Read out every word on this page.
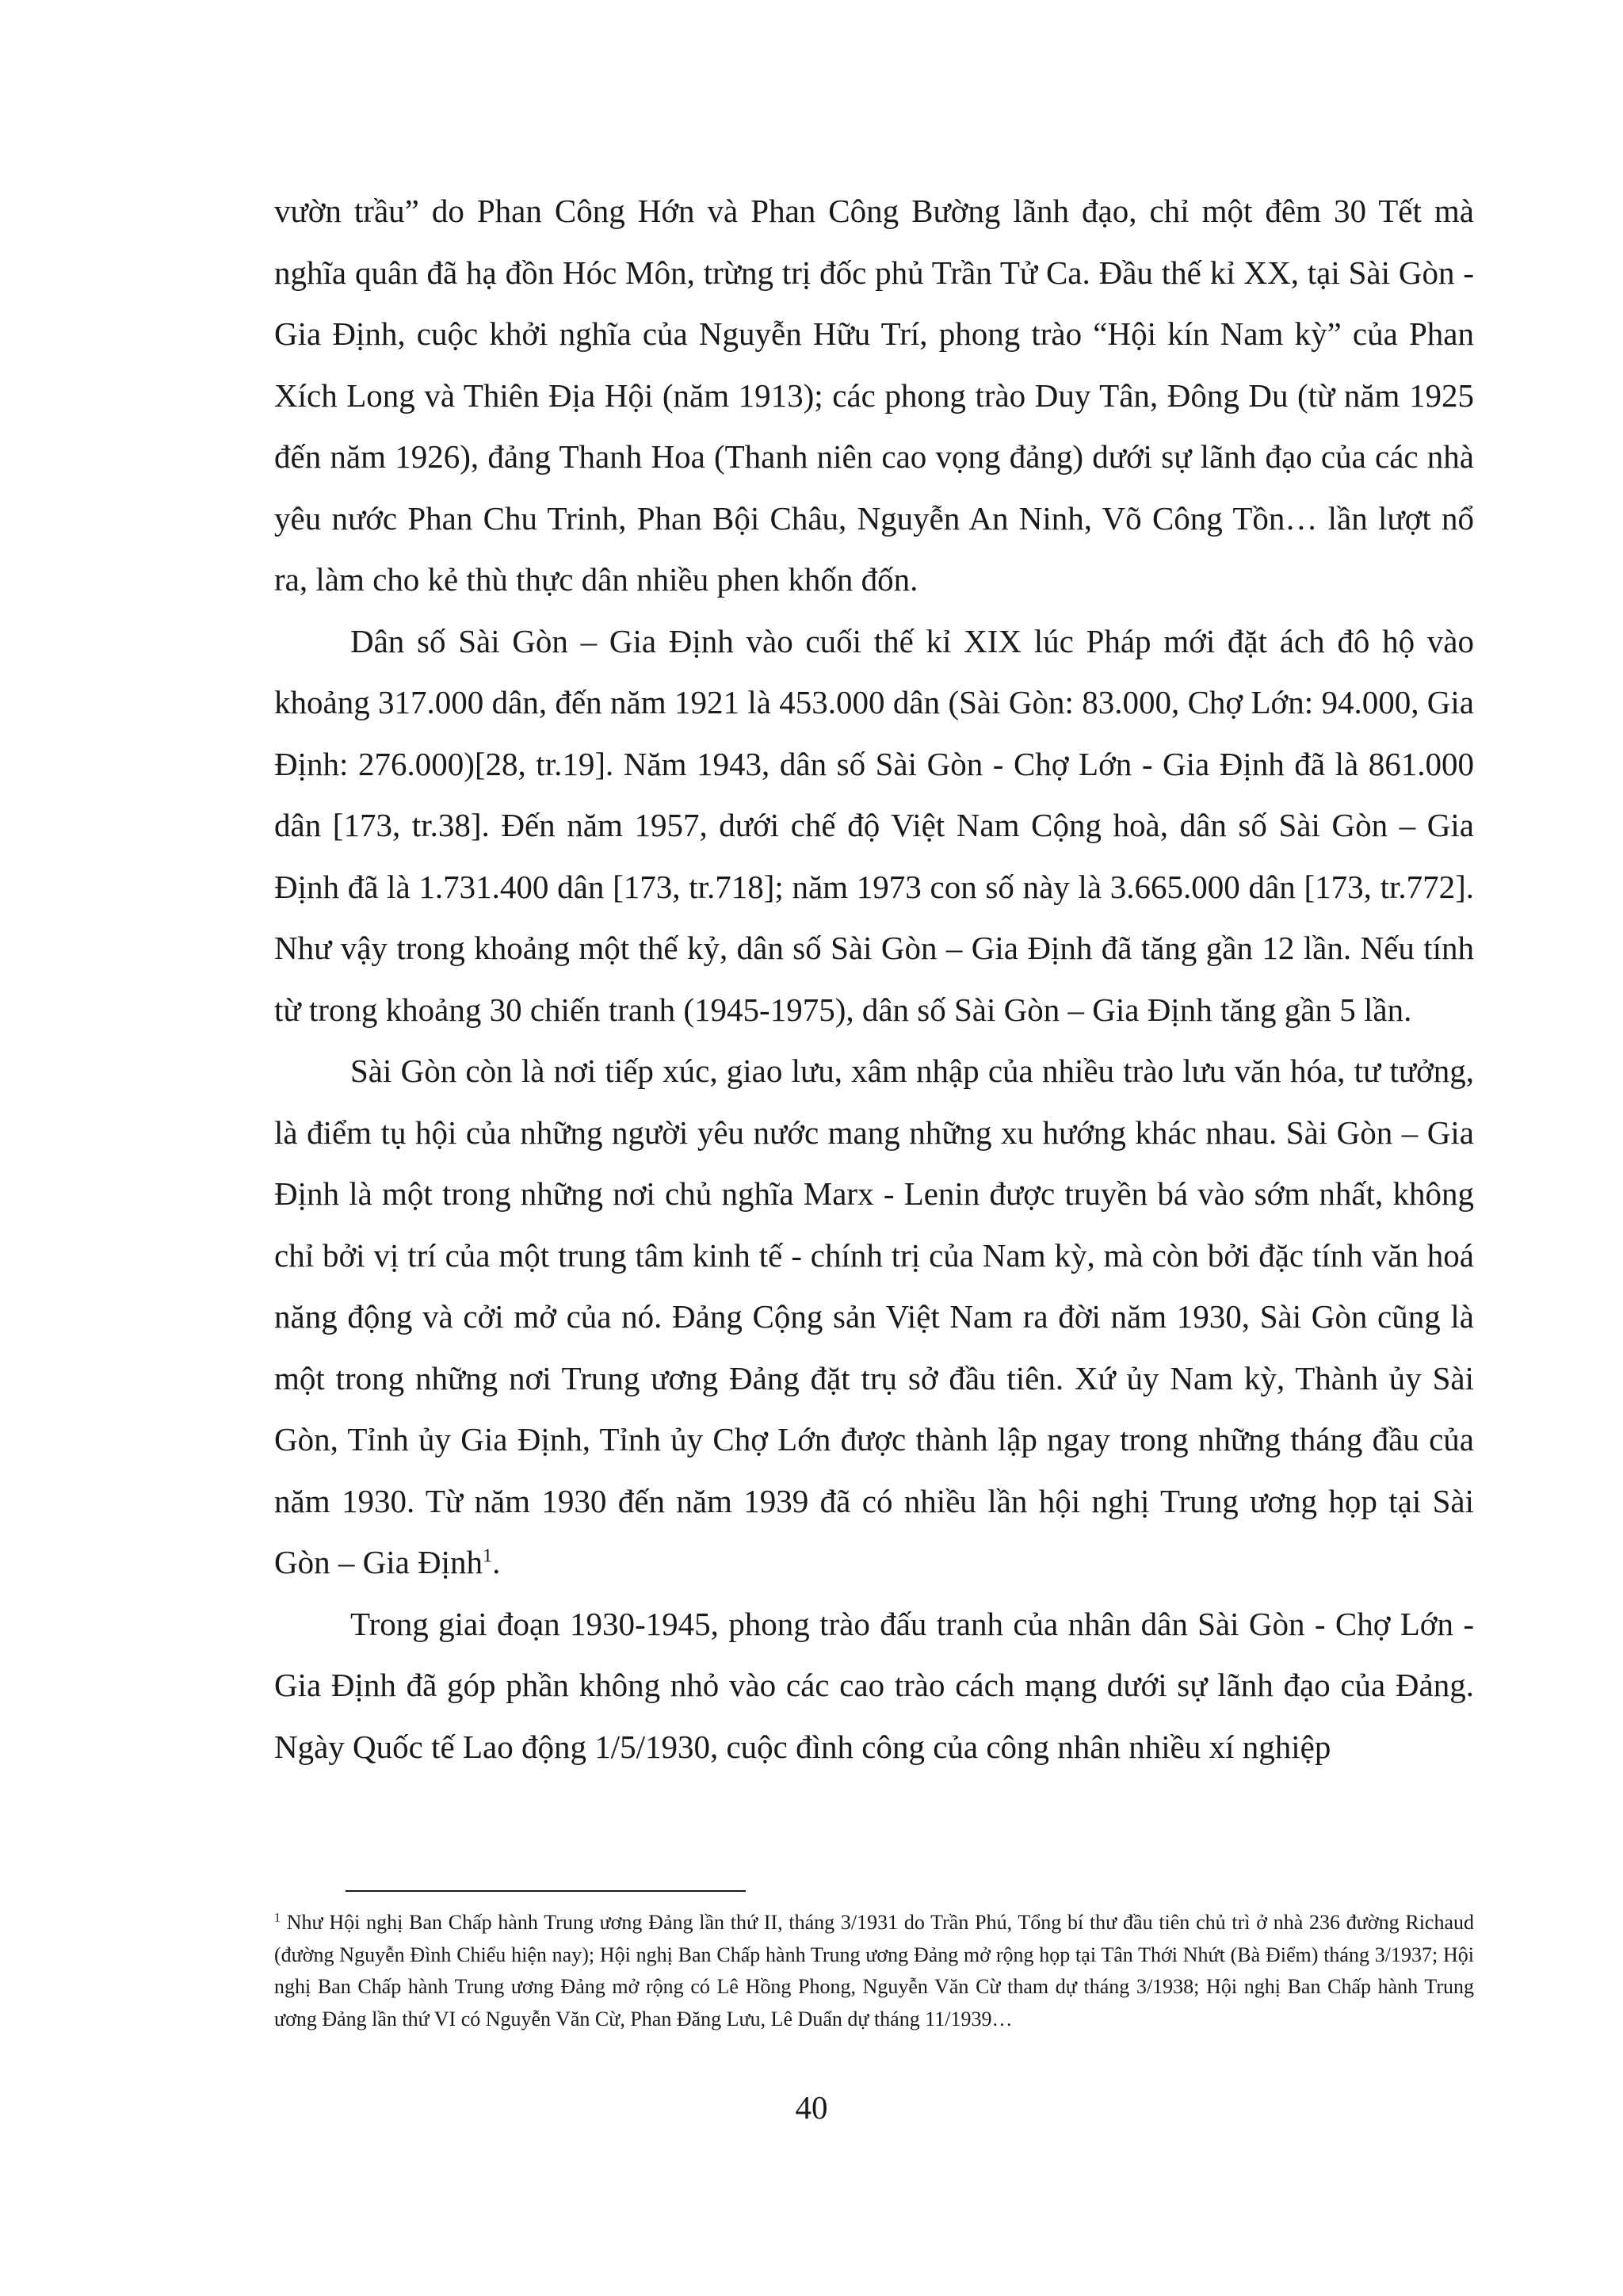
vườn trầu” do Phan Công Hớn và Phan Công Bường lãnh đạo, chỉ một đêm 30 Tết mà nghĩa quân đã hạ đồn Hóc Môn, trừng trị đốc phủ Trần Tử Ca. Đầu thế kỉ XX, tại Sài Gòn - Gia Định, cuộc khởi nghĩa của Nguyễn Hữu Trí, phong trào “Hội kín Nam kỳ” của Phan Xích Long và Thiên Địa Hội (năm 1913); các phong trào Duy Tân, Đông Du (từ năm 1925 đến năm 1926), đảng Thanh Hoa (Thanh niên cao vọng đảng) dưới sự lãnh đạo của các nhà yêu nước Phan Chu Trinh, Phan Bội Châu, Nguyễn An Ninh, Võ Công Tồn… lần lượt nổ ra, làm cho kẻ thù thực dân nhiều phen khốn đốn.

Dân số Sài Gòn – Gia Định vào cuối thế kỉ XIX lúc Pháp mới đặt ách đô hộ vào khoảng 317.000 dân, đến năm 1921 là 453.000 dân (Sài Gòn: 83.000, Chợ Lớn: 94.000, Gia Định: 276.000)[28, tr.19]. Năm 1943, dân số Sài Gòn - Chợ Lớn - Gia Định đã là 861.000 dân [173, tr.38]. Đến năm 1957, dưới chế độ Việt Nam Cộng hoà, dân số Sài Gòn – Gia Định đã là 1.731.400 dân [173, tr.718]; năm 1973 con số này là 3.665.000 dân [173, tr.772]. Như vậy trong khoảng một thế kỷ, dân số Sài Gòn – Gia Định đã tăng gần 12 lần. Nếu tính từ trong khoảng 30 chiến tranh (1945-1975), dân số Sài Gòn – Gia Định tăng gần 5 lần.

Sài Gòn còn là nơi tiếp xúc, giao lưu, xâm nhập của nhiều trào lưu văn hóa, tư tưởng, là điểm tụ hội của những người yêu nước mang những xu hướng khác nhau. Sài Gòn – Gia Định là một trong những nơi chủ nghĩa Marx - Lenin được truyền bá vào sớm nhất, không chỉ bởi vị trí của một trung tâm kinh tế - chính trị của Nam kỳ, mà còn bởi đặc tính văn hoá năng động và cởi mở của nó. Đảng Cộng sản Việt Nam ra đời năm 1930, Sài Gòn cũng là một trong những nơi Trung ương Đảng đặt trụ sở đầu tiên. Xứ ủy Nam kỳ, Thành ủy Sài Gòn, Tỉnh ủy Gia Định, Tỉnh ủy Chợ Lớn được thành lập ngay trong những tháng đầu của năm 1930. Từ năm 1930 đến năm 1939 đã có nhiều lần hội nghị Trung ương họp tại Sài Gòn – Gia Định$^1$.

Trong giai đoạn 1930-1945, phong trào đấu tranh của nhân dân Sài Gòn - Chợ Lớn - Gia Định đã góp phần không nhỏ vào các cao trào cách mạng dưới sự lãnh đạo của Đảng. Ngày Quốc tế Lao động 1/5/1930, cuộc đình công của công nhân nhiều xí nghiệp

$^1$ Như Hội nghị Ban Chấp hành Trung ương Đảng lần thứ II, tháng 3/1931 do Trần Phú, Tổng bí thư đầu tiên chủ trì ở nhà 236 đường Richaud (đường Nguyễn Đình Chiểu hiện nay); Hội nghị Ban Chấp hành Trung ương Đảng mở rộng họp tại Tân Thới Nhứt (Bà Điểm) tháng 3/1937; Hội nghị Ban Chấp hành Trung ương Đảng mở rộng có Lê Hồng Phong, Nguyễn Văn Cừ tham dự tháng 3/1938; Hội nghị Ban Chấp hành Trung ương Đảng lần thứ VI có Nguyễn Văn Cừ, Phan Đăng Lưu, Lê Duẩn dự tháng 11/1939…

40
